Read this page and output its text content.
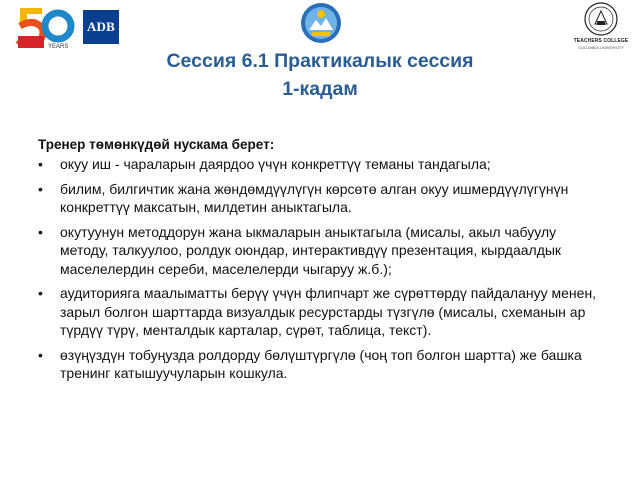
YEARS
ADB
TEACHERS COLLEGE
COLUMBIA UNIVERSITY
Сессия 6.1 Практикалык сессия
1-кадам
Тренер төмөнкүдөй нускама берет:
• окуу иш - чараларын даярдоо үчүн конкреттүү теманы тандагыла;
• билим, билгичтик жана жөндөмдүүлүгүн көрсөтө алган окуу ишмердүүлүгүнүн конкреттүү максатын, милдетин аныктагыла.
• окутуунун методдорун жана ыкмаларын аныктагыла (мисалы, акыл чабуулу методу, талкуулоо, ролдук оюндар, интерактивдүү презентация, кырдаалдык маселелердин сереби, маселелерди чыгаруу ж.б.);
• аудиторияга маалыматты берүү үчүн флипчарт же сүрөттөрдү пайдалануу менен, зарыл болгон шарттарда визуалдык ресурстарды түзгүлө (мисалы, схеманын ар түрдүү түрү, менталдык карталар, сүрөт, таблица, текст).
• өзүңүздүн тобуңузда ролдорду бөлүштүргүлө (чоң топ болгон шартта) же башка тренинг катышуучуларын кошкула.
